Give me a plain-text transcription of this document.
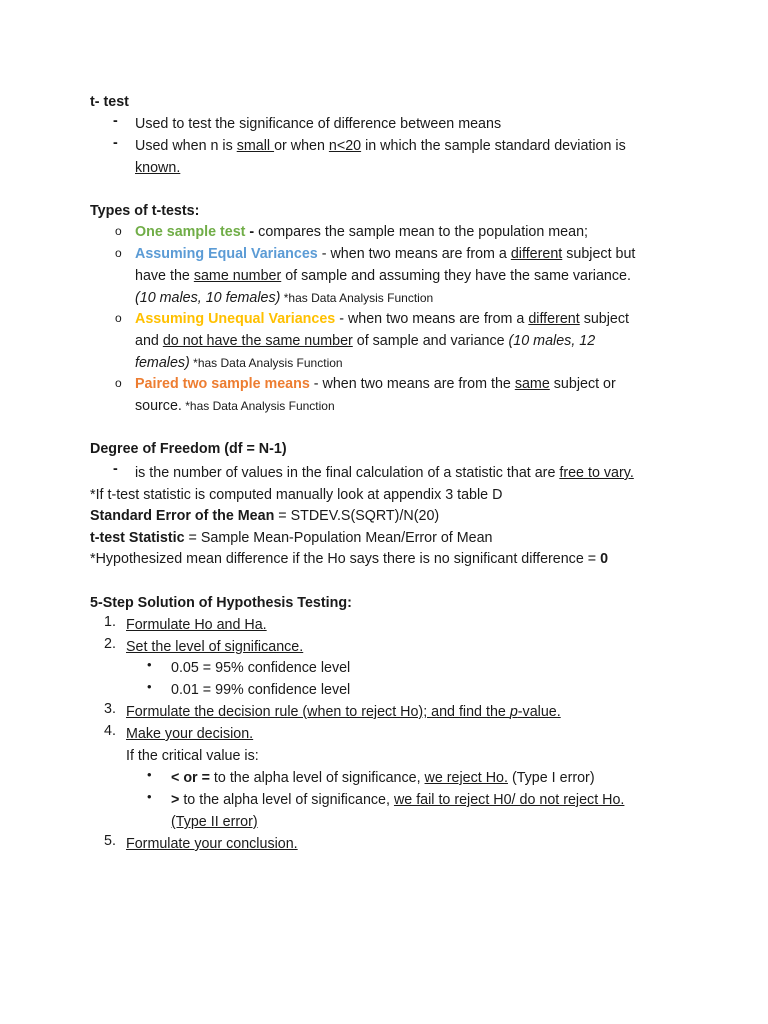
t- test
- Used to test the significance of difference between means
- Used when n is small or when n<20 in which the sample standard deviation is
known.
Types of t-tests:
o One sample test - compares the sample mean to the population mean;
o Assuming Equal Variances - when two means are from a different subject but
have the same number of sample and assuming they have the same variance.
(10 males, 10 females) *has Data Analysis Function
o Assuming Unequal Variances - when two means are from a different subject
and do not have the same number of sample and variance (10 males, 12
females) *has Data Analysis Function
o Paired two sample means - when two means are from the same subject or
source. *has Data Analysis Function
Degree of Freedom (df = N-1)
- is the number of values in the final calculation of a statistic that are free to vary.
*If t-test statistic is computed manually look at appendix 3 table D
Standard Error of the Mean = STDEV.S(SQRT)/N(20)
t-test Statistic = Sample Mean-Population Mean/Error of Mean
*Hypothesized mean difference if the Ho says there is no significant difference = 0
5-Step Solution of Hypothesis Testing:
1. Formulate Ho and Ha.
2. Set the level of significance.
• 0.05 = 95% confidence level
• 0.01 = 99% confidence level
3. Formulate the decision rule (when to reject Ho); and find the p-value.
4. Make your decision.
If the critical value is:
• < or = to the alpha level of significance, we reject Ho. (Type I error)
• > to the alpha level of significance, we fail to reject H0/ do not reject Ho.
(Type II error)
5. Formulate your conclusion.
